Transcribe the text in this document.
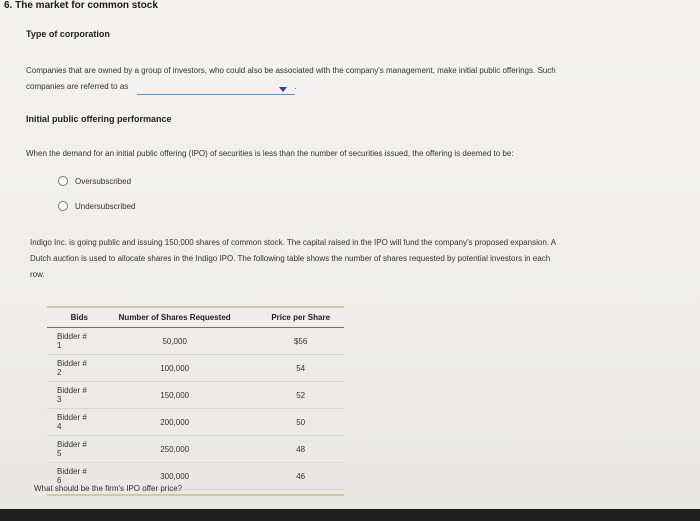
6. The market for common stock
Type of corporation
Companies that are owned by a group of investors, who could also be associated with the company's management, make initial public offerings. Such
companies are referred to as	.
Initial public offering performance
When the demand for an initial public offering (IPO) of securities is less than the number of securities issued, the offering is deemed to be:
Oversubscribed
Undersubscribed
Indigo Inc. is going public and issuing 150,000 shares of common stock. The capital raised in the IPO will fund the company's proposed expansion. A
Dutch auction is used to allocate shares in the Indigo IPO. The following table shows the number of shares requested by potential investors in each
row.
Bids	Number of Shares Requested	Price per Share
Bidder # 1	50,000	$56
Bidder # 2	100,000	54
Bidder # 3	150,000	52
Bidder # 4	200,000	50
Bidder # 5	250,000	48
Bidder # 6	300,000	46
What should be the firm's IPO offer price?
